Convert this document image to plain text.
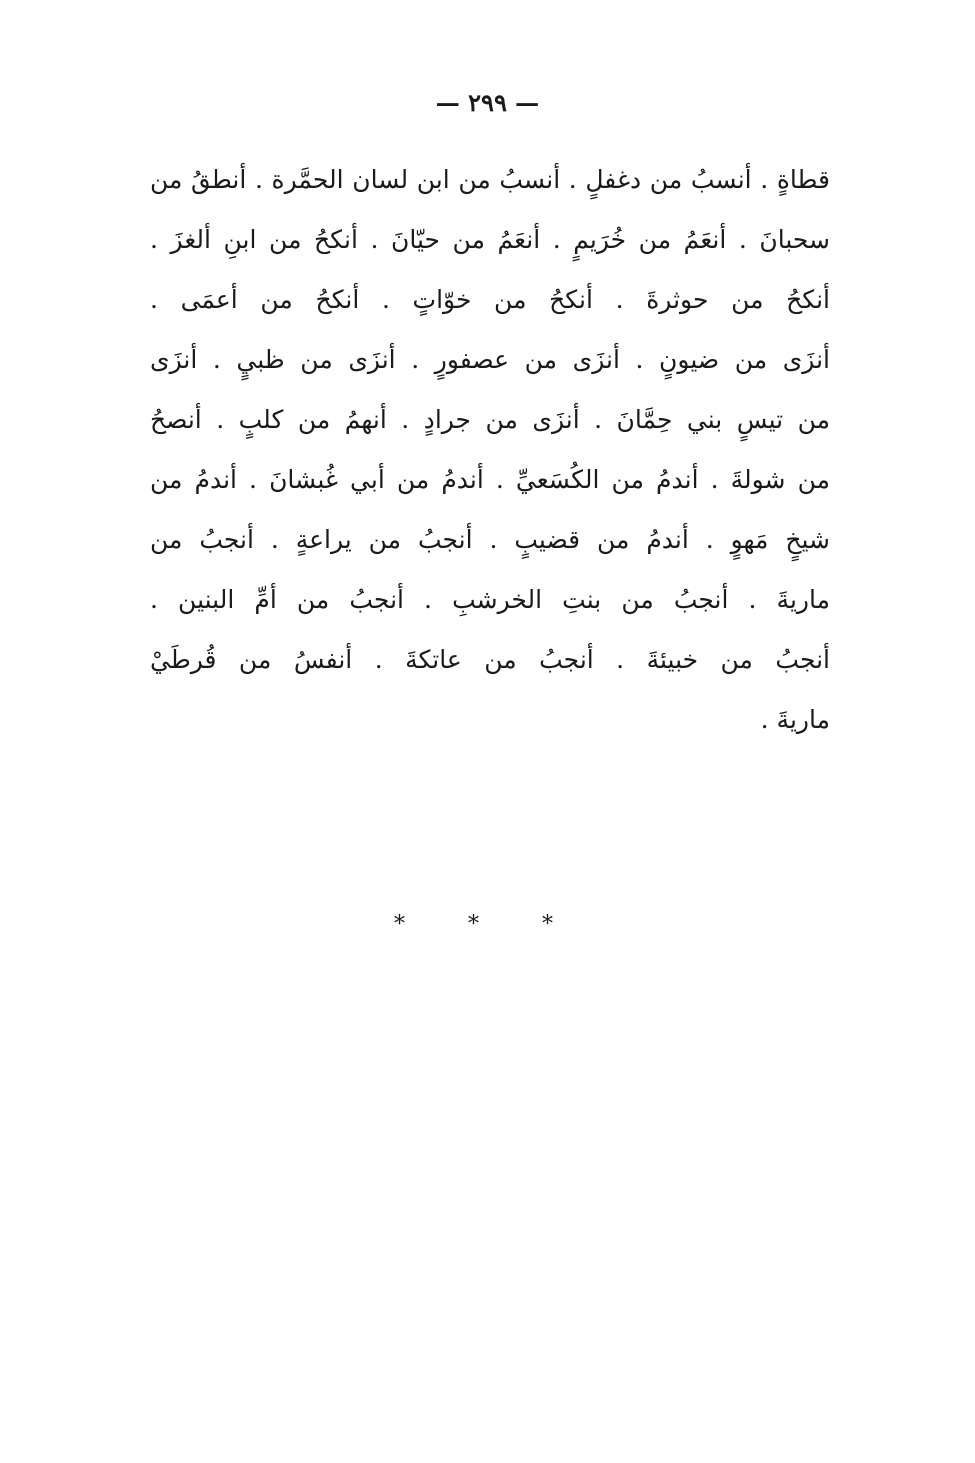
— ٢٩٩ —
قطاةٍ . أنسبُ من دغفلٍ . أنسبُ من ابن لسان الحمَّرة . أنطقُ من
سحبانَ . أنعَمُ من خُرَيمٍ . أنعَمُ من حيّانَ . أنكحُ من ابنِ ألغزَ .
أنكحُ من حوثرةَ . أنكحُ من خوّاتٍ . أنكحُ من أعمَى .
أنزَى من ضيونٍ . أنزَى من عصفورٍ . أنزَى من ظبيٍ . أنزَى
من تيسٍ بني حِمَّانَ . أنزَى من جرادٍ . أنهمُ من كلبٍ . أنصحُ
من شولةَ . أندمُ من الكُسَعيِّ . أندمُ من أبي غُبشانَ . أندمُ من
شيخٍ مَهوٍ . أندمُ من قضيبٍ . أنجبُ من يراعةٍ . أنجبُ من
ماريةَ . أنجبُ من بنتِ الخرشبِ . أنجبُ من أمِّ البنين .
أنجبُ من خبيئةَ . أنجبُ من عاتكةَ . أنفسُ من قُرطَيْ
ماريةَ .
* * *
